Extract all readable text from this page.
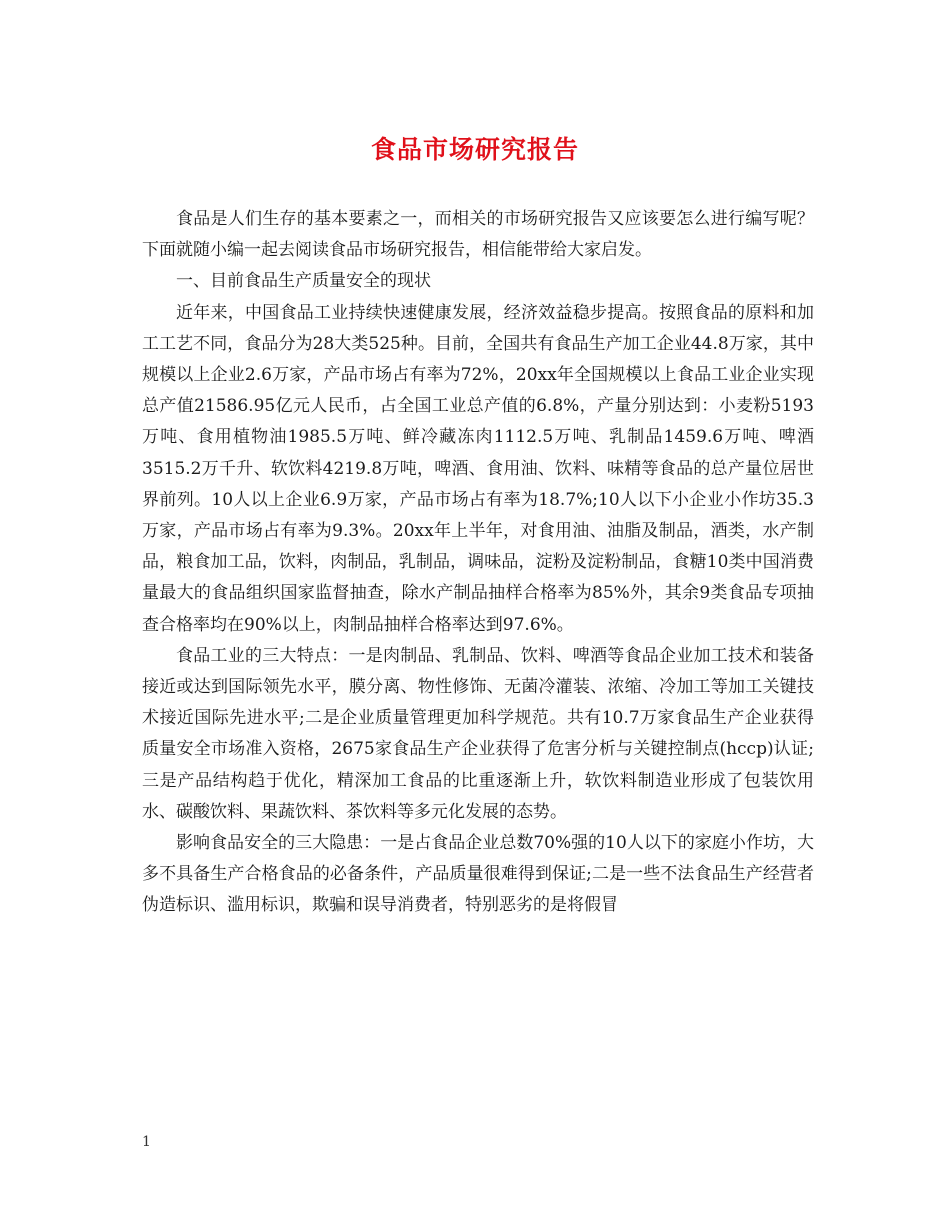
食品市场研究报告

食品是人们生存的基本要素之一，而相关的市场研究报告又应该要怎么进行编写呢？下面就随小编一起去阅读食品市场研究报告，相信能带给大家启发。

一、目前食品生产质量安全的现状

近年来，中国食品工业持续快速健康发展，经济效益稳步提高。按照食品的原料和加工工艺不同，食品分为28大类525种。目前，全国共有食品生产加工企业44.8万家，其中规模以上企业2.6万家，产品市场占有率为72%，20xx年全国规模以上食品工业企业实现总产值21586.95亿元人民币，占全国工业总产值的6.8%，产量分别达到：小麦粉5193万吨、食用植物油1985.5万吨、鲜冷藏冻肉1112.5万吨、乳制品1459.6万吨、啤酒3515.2万千升、软饮料4219.8万吨，啤酒、食用油、饮料、味精等食品的总产量位居世界前列。10人以上企业6.9万家，产品市场占有率为18.7%;10人以下小企业小作坊35.3万家，产品市场占有率为9.3%。20xx年上半年，对食用油、油脂及制品，酒类，水产制品，粮食加工品，饮料，肉制品，乳制品，调味品，淀粉及淀粉制品，食糖10类中国消费量最大的食品组织国家监督抽查，除水产制品抽样合格率为85%外，其余9类食品专项抽查合格率均在90%以上，肉制品抽样合格率达到97.6%。

食品工业的三大特点：一是肉制品、乳制品、饮料、啤酒等食品企业加工技术和装备接近或达到国际领先水平，膜分离、物性修饰、无菌冷灌装、浓缩、冷加工等加工关键技术接近国际先进水平;二是企业质量管理更加科学规范。共有10.7万家食品生产企业获得质量安全市场准入资格，2675家食品生产企业获得了危害分析与关键控制点(hccp)认证;三是产品结构趋于优化，精深加工食品的比重逐渐上升，软饮料制造业形成了包装饮用水、碳酸饮料、果蔬饮料、茶饮料等多元化发展的态势。

影响食品安全的三大隐患：一是占食品企业总数70%强的10人以下的家庭小作坊，大多不具备生产合格食品的必备条件，产品质量很难得到保证;二是一些不法食品生产经营者伪造标识、滥用标识，欺骗和误导消费者，特别恶劣的是将假冒

1
